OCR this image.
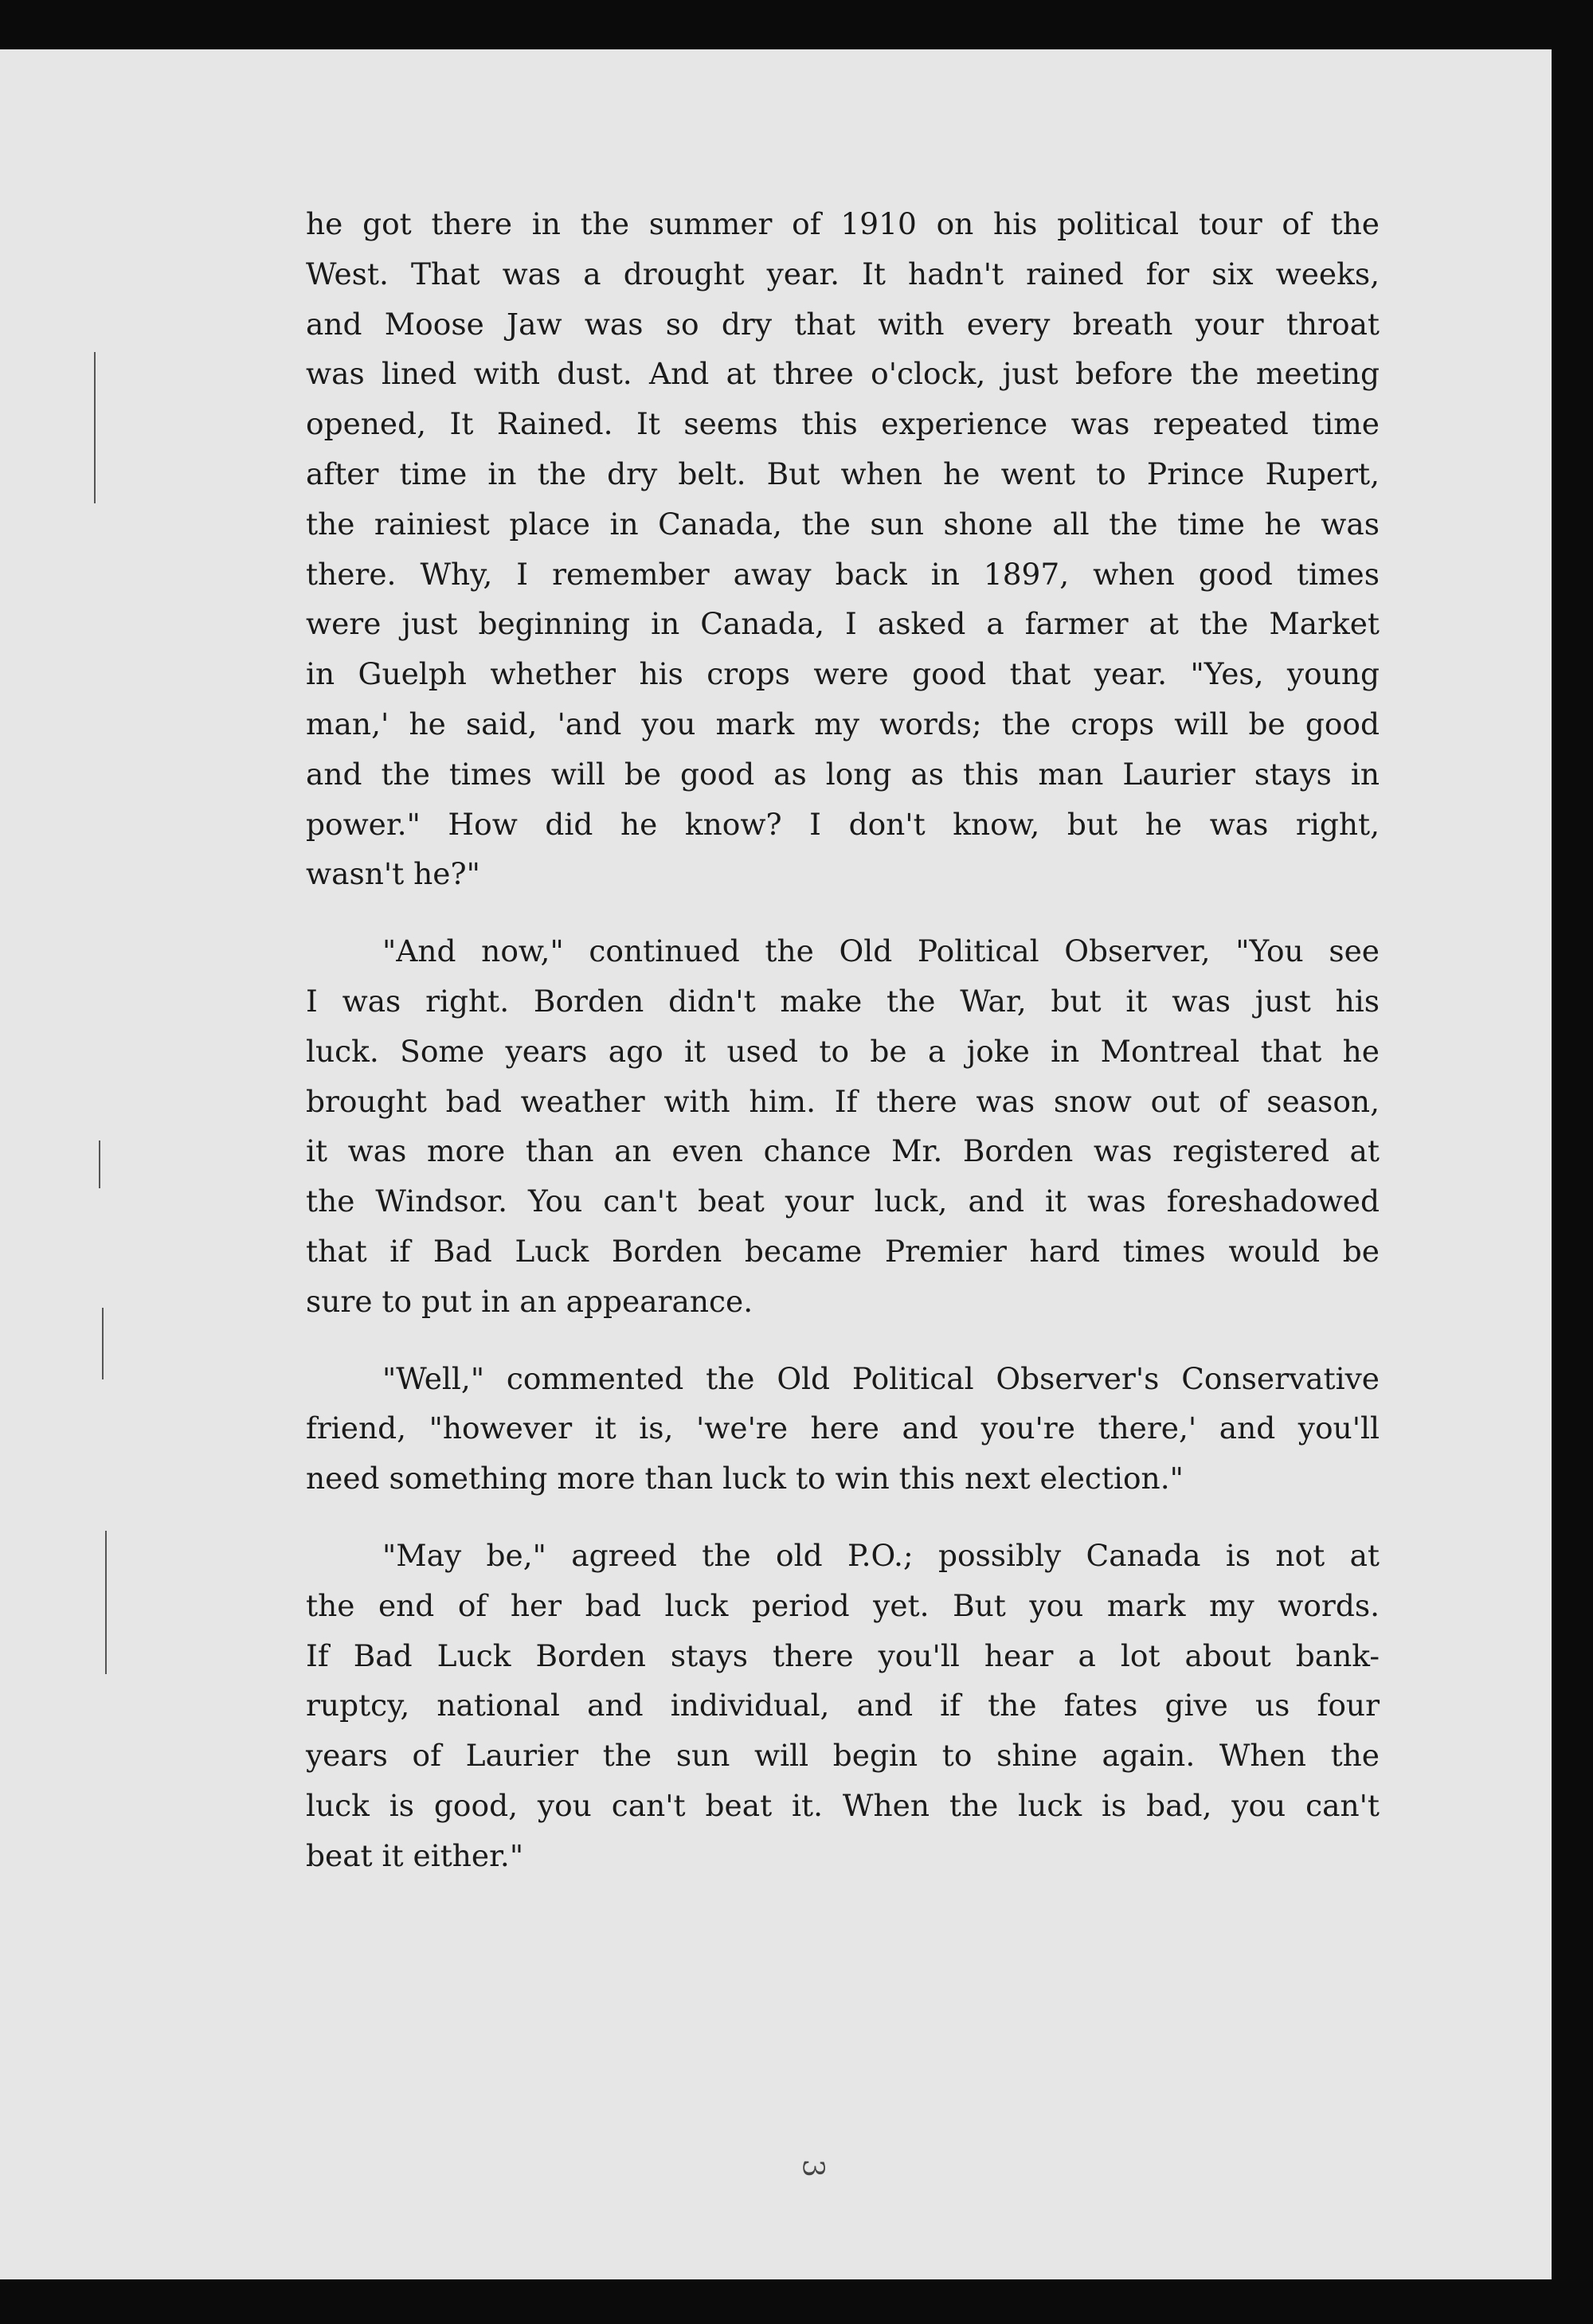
he got there in the summer of 1910 on his political tour of the
West. That was a drought year. It hadn't rained for six weeks,
and Moose Jaw was so dry that with every breath your throat
was lined with dust. And at three o'clock, just before the meeting
opened, It Rained. It seems this experience was repeated time
after time in the dry belt. But when he went to Prince Rupert,
the rainiest place in Canada, the sun shone all the time he was
there. Why, I remember away back in 1897, when good times
were just beginning in Canada, I asked a farmer at the Market
in Guelph whether his crops were good that year. "Yes, young
man,' he said, 'and you mark my words; the crops will be good
and the times will be good as long as this man Laurier stays in
power." How did he know? I don't know, but he was right,
wasn't he?"

"And now," continued the Old Political Observer, "You see
I was right. Borden didn't make the War, but it was just his
luck. Some years ago it used to be a joke in Montreal that he
brought bad weather with him. If there was snow out of season,
it was more than an even chance Mr. Borden was registered at
the Windsor. You can't beat your luck, and it was foreshadowed
that if Bad Luck Borden became Premier hard times would be
sure to put in an appearance.

"Well," commented the Old Political Observer's Conservative
friend, "however it is, 'we're here and you're there,' and you'll
need something more than luck to win this next election."

"May be," agreed the old P.O.; possibly Canada is not at
the end of her bad luck period yet. But you mark my words.
If Bad Luck Borden stays there you'll hear a lot about bank-
ruptcy, national and individual, and if the fates give us four
years of Laurier the sun will begin to shine again. When the
luck is good, you can't beat it. When the luck is bad, you can't
beat it either."

3
